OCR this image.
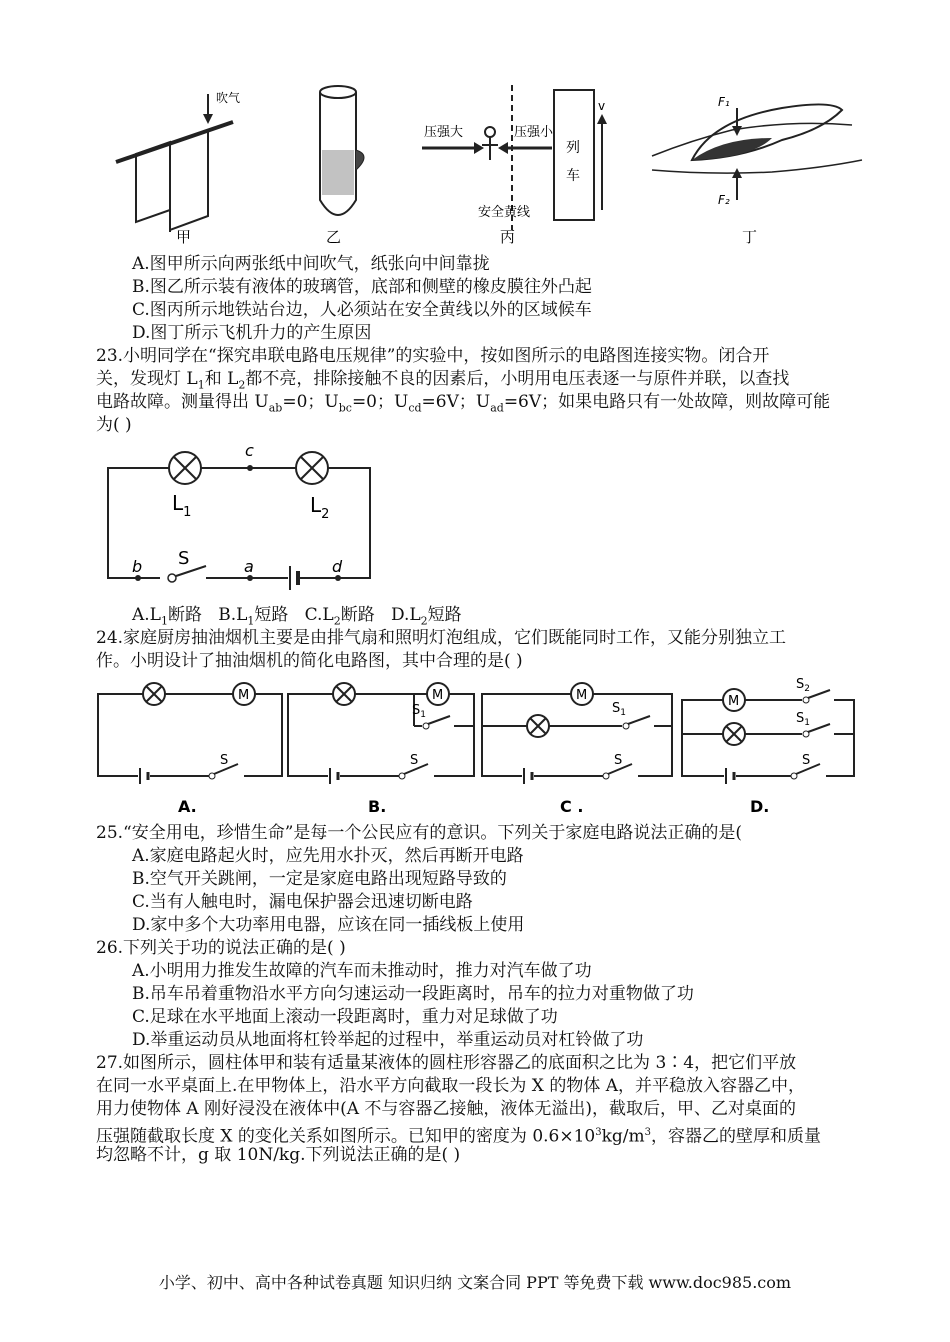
吹气
甲	乙
压强大	压强小
列
车
v
安全黄线
丙
F₁
F₂
丁
A.图甲所示向两张纸中间吹气，纸张向中间靠拢
B.图乙所示装有液体的玻璃管，底部和侧壁的橡皮膜往外凸起
C.图丙所示地铁站台边，人必须站在安全黄线以外的区域候车
D.图丁所示飞机升力的产生原因
23.小明同学在“探究串联电路电压规律”的实验中，按如图所示的电路图连接实物。闭合开
关，发现灯 $L_1$和 $L_2$都不亮，排除接触不良的因素后，小明用电压表逐一与原件并联，以查找
电路故障。测量得出 $U_{ab}=0$；$U_{bc}=0$；$U_{cd}=6V$；$U_{ad}=6V$；如果电路只有一处故障，则故障可能
为( )
c
$L_1$	$L_2$
b S	a	d
$A.L_1$断路 $B.L_1$短路 $C.L_2$断路 $D.L_2$短路
24.家庭厨房抽油烟机主要是由排气扇和照明灯泡组成，它们既能同时工作，又能分别独立工
作。小明设计了抽油烟机的简化电路图，其中合理的是( )
M
S
A.
M
$S_1$
S
B.
M
$S_1$
S
C .
M
$S_2$
$S_1$
S
D.
25.“安全用电，珍惜生命”是每一个公民应有的意识。下列关于家庭电路说法正确的是(
A.家庭电路起火时，应先用水扑灭，然后再断开电路
B.空气开关跳闸，一定是家庭电路出现短路导致的
C.当有人触电时，漏电保护器会迅速切断电路
D.家中多个大功率用电器，应该在同一插线板上使用
26.下列关于功的说法正确的是( )
A.小明用力推发生故障的汽车而未推动时，推力对汽车做了功
B.吊车吊着重物沿水平方向匀速运动一段距离时，吊车的拉力对重物做了功
C.足球在水平地面上滚动一段距离时，重力对足球做了功
D.举重运动员从地面将杠铃举起的过程中，举重运动员对杠铃做了功
27.如图所示，圆柱体甲和装有适量某液体的圆柱形容器乙的底面积之比为 3∶4，把它们平放
在同一水平桌面上.在甲物体上，沿水平方向截取一段长为 X 的物体 A，并平稳放入容器乙中，
用力使物体 A 刚好浸没在液体中(A 不与容器乙接触，液体无溢出)，截取后，甲、乙对桌面的
压强随截取长度 X 的变化关系如图所示。已知甲的密度为 $0.6\times 10^3kg/m^3$，容器乙的壁厚和质量
均忽略不计，g 取 10N/kg.下列说法正确的是( )
小学、初中、高中各种试卷真题 知识归纳 文案合同 PPT 等免费下载 www.doc985.com
